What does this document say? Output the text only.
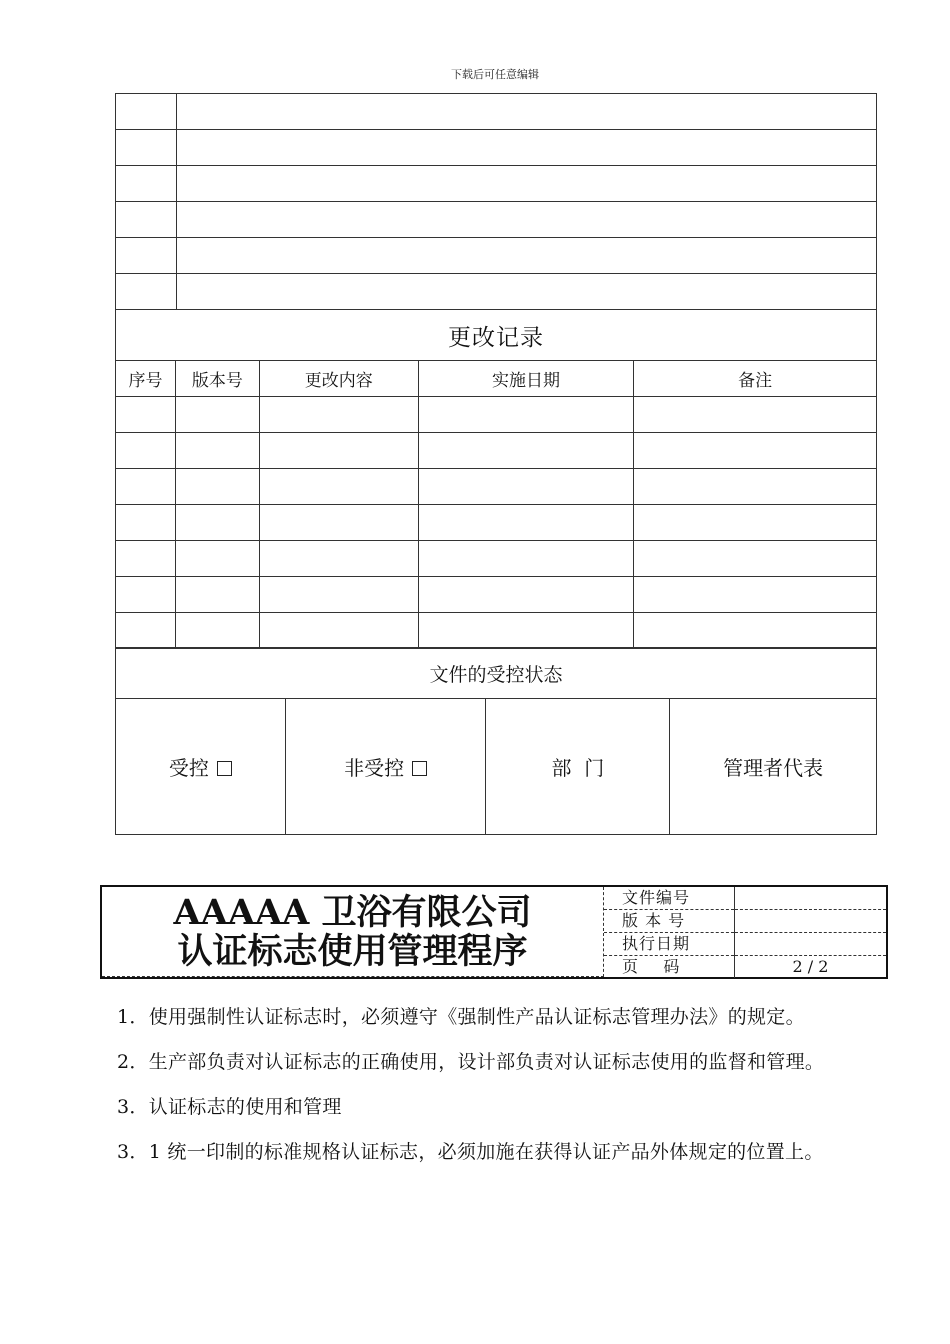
下载后可任意编辑

更改记录				
序号	版本号	更改内容	实施日期	备注

文件的受控状态
受控	非受控	部  门	管理者代表
AAAAA 卫浴有限公司
认证标志使用管理程序
文件编号	
版 本 号	
执行日期	
页    码	2 / 2

1．使用强制性认证标志时，必须遵守《强制性产品认证标志管理办法》的规定。

2．生产部负责对认证标志的正确使用，设计部负责对认证标志使用的监督和管理。

3．认证标志的使用和管理

3．1 统一印制的标准规格认证标志，必须加施在获得认证产品外体规定的位置上。
